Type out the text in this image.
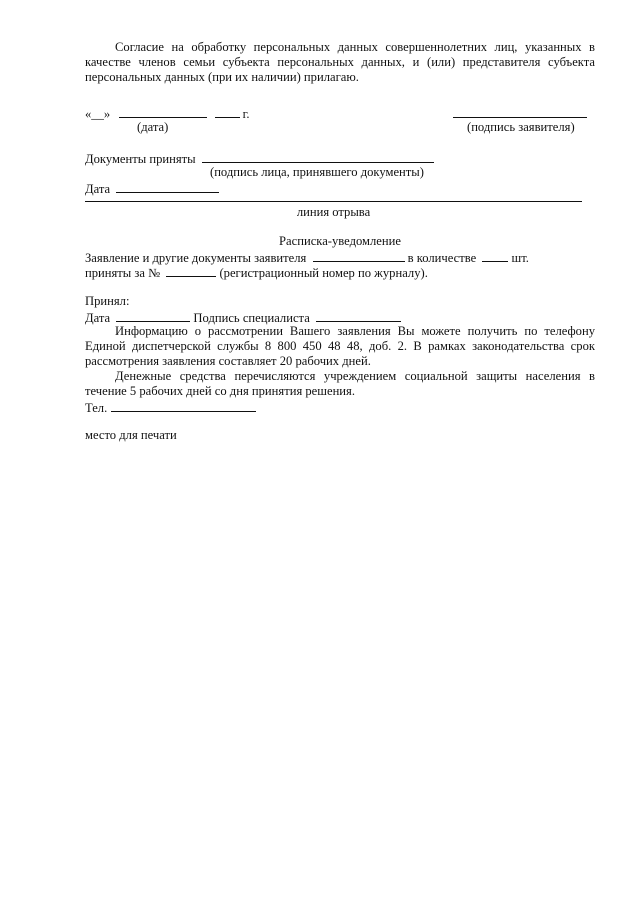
Согласие на обработку персональных данных совершеннолетних лиц, указанных в
качестве членов семьи субъекта персональных данных, и (или) представителя субъекта
персональных данных (при их наличии) прилагаю.
«__»	г.
(дата)	(подпись заявителя)
Документы приняты
(подпись лица, принявшего документы)
Дата
линия отрыва
Расписка-уведомление
Заявление и другие документы заявителя	в количестве	шт.
приняты за №	(регистрационный номер по журналу).
Принял:
Дата	Подпись специалиста
Информацию о рассмотрении Вашего заявления Вы можете получить по телефону
Единой диспетчерской службы 8 800 450 48 48, доб. 2. В рамках законодательства срок
рассмотрения заявления составляет 20 рабочих дней.
Денежные средства перечисляются учреждением социальной защиты населения в
течение 5 рабочих дней со дня принятия решения.
Тел.
место для печати
